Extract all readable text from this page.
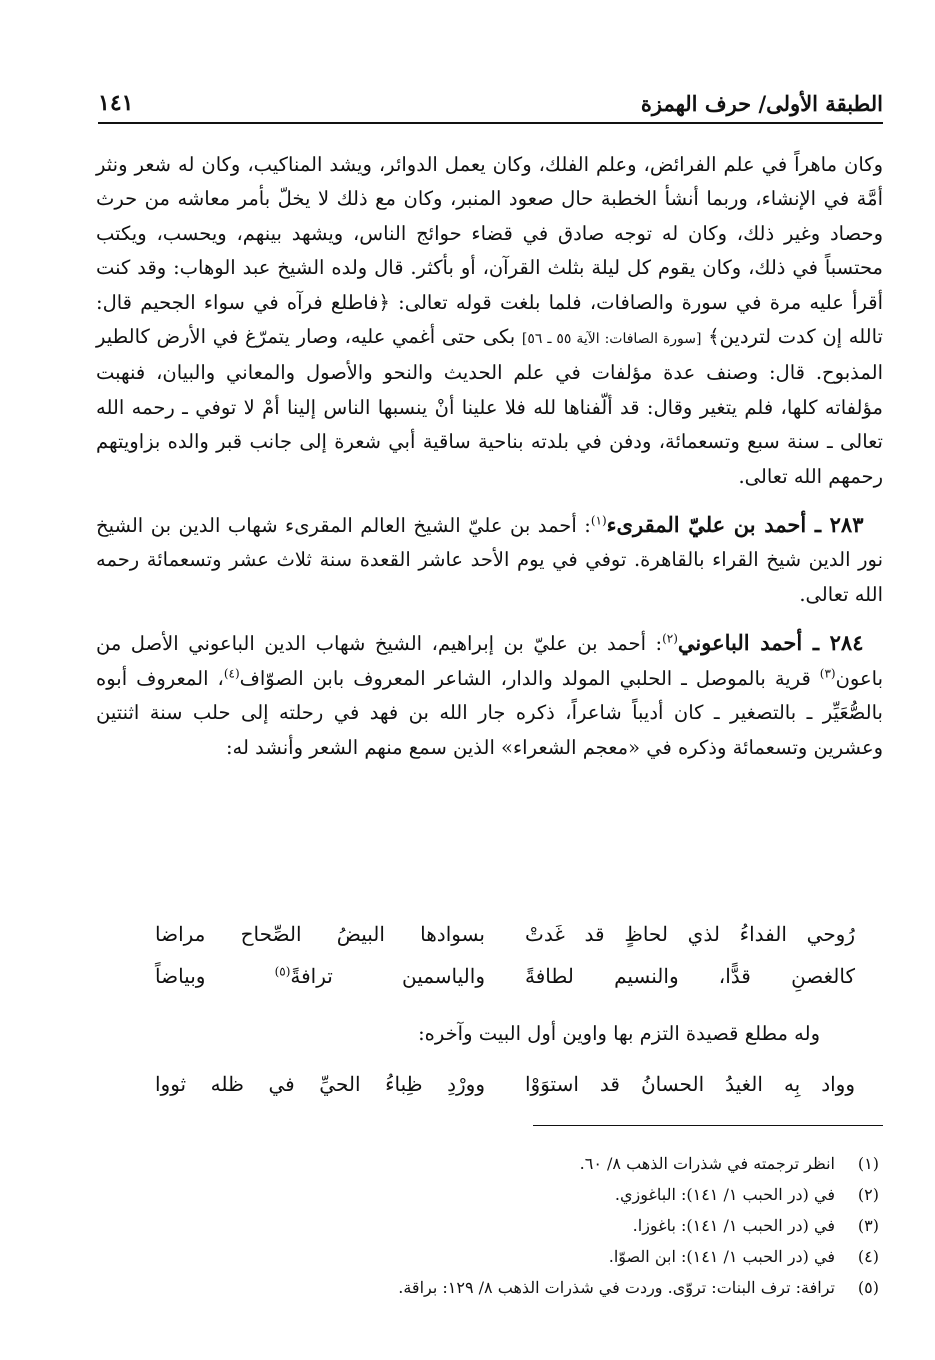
الطبقة الأولى/ حرف الهمزة
١٤١

وكان ماهراً في علم الفرائض، وعلم الفلك، وكان يعمل الدوائر، ويشد المناكيب، وكان له شعر ونثر أمَّة في الإنشاء، وربما أنشأ الخطبة حال صعود المنبر، وكان مع ذلك لا يخلّ بأمر معاشه من حرث وحصاد وغير ذلك، وكان له توجه صادق في قضاء حوائج الناس، ويشهد بينهم، ويحسب، ويكتب محتسباً في ذلك، وكان يقوم كل ليلة بثلث القرآن، أو بأكثر. قال ولده الشيخ عبد الوهاب: وقد كنت أقرأ عليه مرة في سورة والصافات، فلما بلغت قوله تعالى: ﴿فاطلع فرآه في سواء الجحيم قال: تالله إن كدت لتردين﴾ [سورة الصافات: الآية ٥٥ ـ ٥٦] بكى حتى أغمي عليه، وصار يتمرّغ في الأرض كالطير المذبوح. قال: وصنف عدة مؤلفات في علم الحديث والنحو والأصول والمعاني والبيان، فنهبت مؤلفاته كلها، فلم يتغير وقال: قد ألّفناها لله فلا علينا أنْ ينسبها الناس إلينا أمْ لا توفي ـ رحمه الله تعالى ـ سنة سبع وتسعمائة، ودفن في بلدته بناحية ساقية أبي شعرة إلى جانب قبر والده بزاويتهم رحمهم الله تعالى.

  ٢٨٣ ـ أحمد بن عليّ المقرىء$^{(١)}$: أحمد بن عليّ الشيخ العالم المقرىء شهاب الدين بن الشيخ نور الدين شيخ القراء بالقاهرة. توفي في يوم الأحد عاشر القعدة سنة ثلاث عشر وتسعمائة رحمه الله تعالى.

  ٢٨٤ ـ أحمد الباعوني$^{(٢)}$: أحمد بن عليّ بن إبراهيم، الشيخ شهاب الدين الباعوني الأصل من باعون$^{(٣)}$ قرية بالموصل ـ الحلبي المولد والدار، الشاعر المعروف بابن الصوّاف$^{(٤)}$، المعروف أبوه بالصُّعَيِّر ـ بالتصغير ـ كان أديباً شاعراً، ذكره جار الله بن فهد في رحلته إلى حلب سنة اثنتين وعشرين وتسعمائة وذكره في «معجم الشعراء» الذين سمع منهم الشعر وأنشد له:

رُوحي الفداءُ لذي لحاظٍ قد غَدتْ
بسوادها البيضُ الصِّحاح مراضا
كالغصنِ قدًّا، والنسيم لطافةً
والياسمين ترافةً$^{(٥)}$ وبياضاً
وله مطلع قصيدة التزم بها واوين أول البيت وآخره:
وواد بِه الغيدُ الحسانُ قد استوَوْا
وورْدِ ظِباءُ الحيِّ في ظله ثووا
(١)
انظر ترجمته في شذرات الذهب ٨/ ٦٠.
(٢)
في (در الحبب ١/ ١٤١): الباغوزي.
(٣)
في (در الحبب ١/ ١٤١): باغوزا.
(٤)
في (در الحبب ١/ ١٤١): ابن الصوّا.
(٥)
ترافة: ترف البنات: تروّى. وردت في شذرات الذهب ٨/ ١٢٩: براقة.
